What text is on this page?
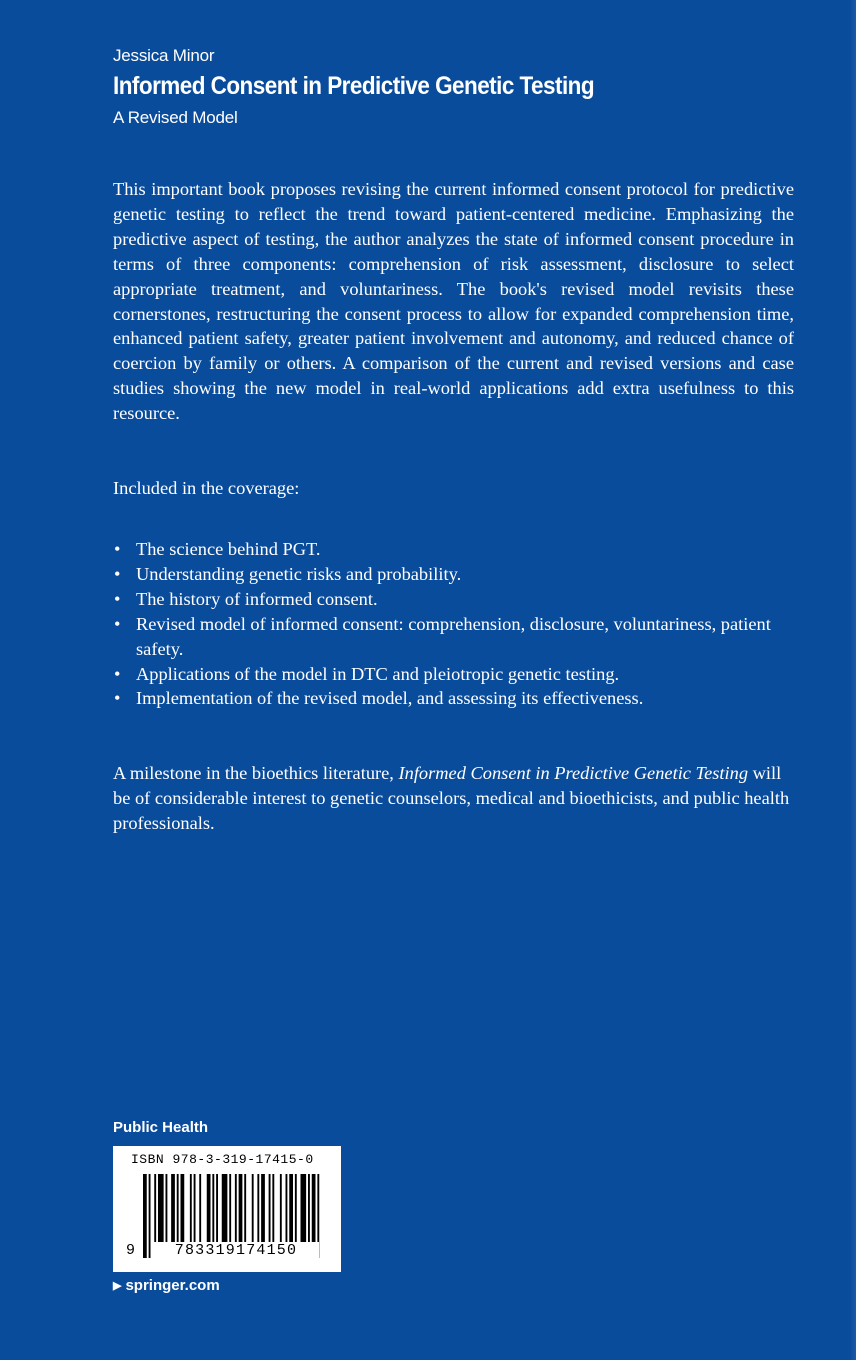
Jessica Minor
Informed Consent in Predictive Genetic Testing
A Revised Model
This important book proposes revising the current informed consent protocol for predictive genetic testing to reflect the trend toward patient-centered medicine. Emphasizing the predictive aspect of testing, the author analyzes the state of informed consent procedure in terms of three components: comprehension of risk assessment, disclosure to select appropriate treatment, and voluntariness. The book's revised model revisits these cornerstones, restructuring the consent process to allow for expanded comprehension time, enhanced patient safety, greater patient involvement and autonomy, and reduced chance of coercion by family or others. A comparison of the current and revised versions and case studies showing the new model in real-world applications add extra usefulness to this resource.
Included in the coverage:
• The science behind PGT.
• Understanding genetic risks and probability.
• The history of informed consent.
• Revised model of informed consent: comprehension, disclosure, voluntariness, patient safety.
• Applications of the model in DTC and pleiotropic genetic testing.
• Implementation of the revised model, and assessing its effectiveness.
A milestone in the bioethics literature, Informed Consent in Predictive Genetic Testing will be of considerable interest to genetic counselors, medical and bioethicists, and public health professionals.
Public Health
ISBN 978-3-319-17415-0
9	783319174150
▶ springer.com
